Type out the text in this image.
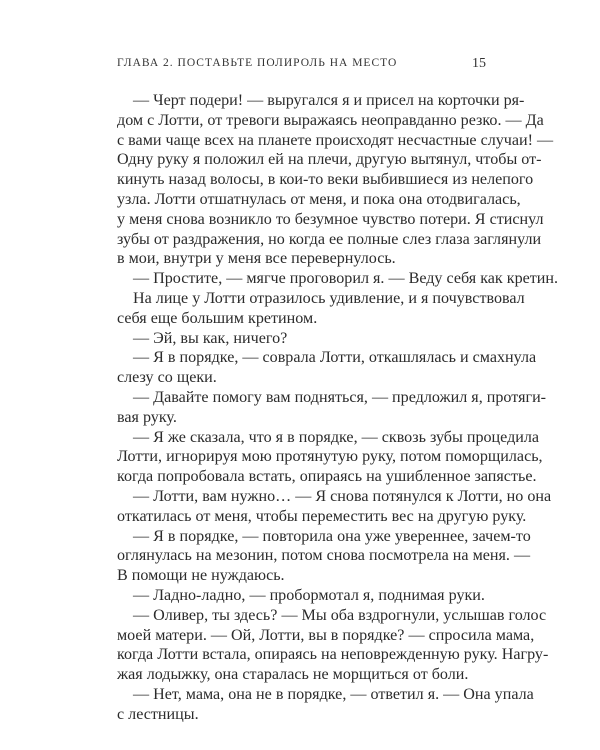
ГЛАВА 2. ПОСТАВЬТЕ ПОЛИРОЛЬ НА МЕСТО	15
— Черт подери! — выругался я и присел на корточки ря-
дом с Лотти, от тревоги выражаясь неоправданно резко. — Да
с вами чаще всех на планете происходят несчастные случаи! —
Одну руку я положил ей на плечи, другую вытянул, чтобы от-
кинуть назад волосы, в кои-то веки выбившиеся из нелепого
узла. Лотти отшатнулась от меня, и пока она отодвигалась,
у меня снова возникло то безумное чувство потери. Я стиснул
зубы от раздражения, но когда ее полные слез глаза заглянули
в мои, внутри у меня все перевернулось.
— Простите, — мягче проговорил я. — Веду себя как кретин.
На лице у Лотти отразилось удивление, и я почувствовал
себя еще большим кретином.
— Эй, вы как, ничего?
— Я в порядке, — соврала Лотти, откашлялась и смахнула
слезу со щеки.
— Давайте помогу вам подняться, — предложил я, протяги-
вая руку.
— Я же сказала, что я в порядке, — сквозь зубы процедила
Лотти, игнорируя мою протянутую руку, потом поморщилась,
когда попробовала встать, опираясь на ушибленное запястье.
— Лотти, вам нужно… — Я снова потянулся к Лотти, но она
откатилась от меня, чтобы переместить вес на другую руку.
— Я в порядке, — повторила она уже увереннее, зачем-то
оглянулась на мезонин, потом снова посмотрела на меня. —
В помощи не нуждаюсь.
— Ладно-ладно, — пробормотал я, поднимая руки.
— Оливер, ты здесь? — Мы оба вздрогнули, услышав голос
моей матери. — Ой, Лотти, вы в порядке? — спросила мама,
когда Лотти встала, опираясь на неповрежденную руку. Нагру-
жая лодыжку, она старалась не морщиться от боли.
— Нет, мама, она не в порядке, — ответил я. — Она упала
с лестницы.
